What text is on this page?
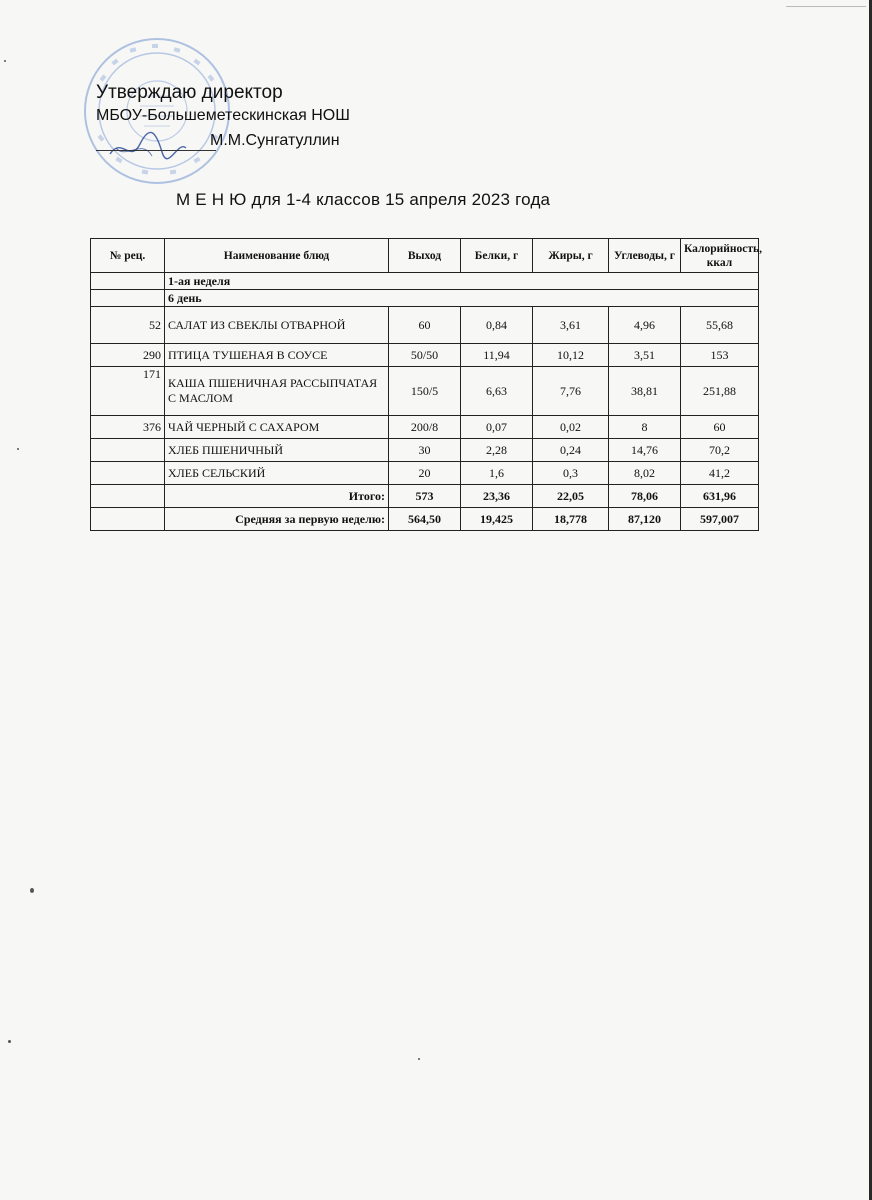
Утверждаю директор
МБОУ-Большеметескинская НОШ
М.М.Сунгатуллин
М Е Н Ю для 1-4 классов 15 апреля 2023 года
№ рец.	Наименование блюд	Выход	Белки, г	Жиры, г	Углеводы, г	Калорийность, ккал
	1-ая неделя					
	6 день					
52	САЛАТ ИЗ СВЕКЛЫ ОТВАРНОЙ	60	0,84	3,61	4,96	55,68
290	ПТИЦА ТУШЕНАЯ В СОУСЕ	50/50	11,94	10,12	3,51	153
171	КАША ПШЕНИЧНАЯ РАССЫПЧАТАЯ С МАСЛОМ	150/5	6,63	7,76	38,81	251,88
376	ЧАЙ ЧЕРНЫЙ С САХАРОМ	200/8	0,07	0,02	8	60
	ХЛЕБ ПШЕНИЧНЫЙ	30	2,28	0,24	14,76	70,2
	ХЛЕБ СЕЛЬСКИЙ	20	1,6	0,3	8,02	41,2
	Итого:	573	23,36	22,05	78,06	631,96
	Средняя за первую неделю:	564,50	19,425	18,778	87,120	597,007
